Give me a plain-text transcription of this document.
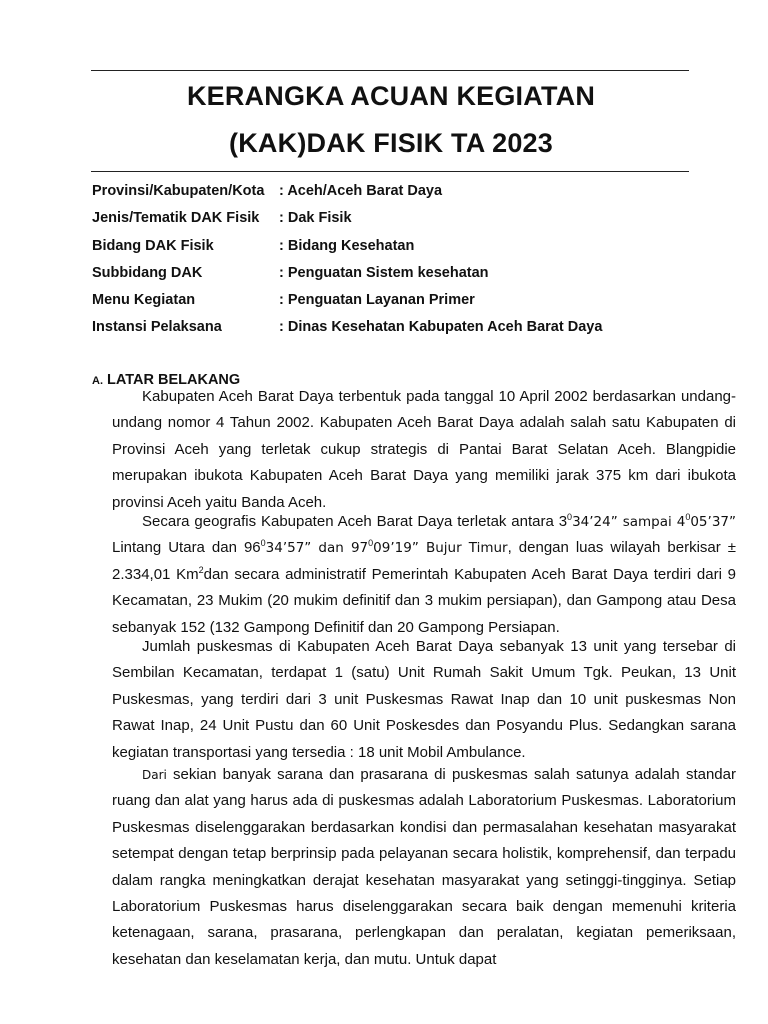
KERANGKA ACUAN KEGIATAN
(KAK)DAK FISIK TA 2023
Provinsi/Kabupaten/Kota	: Aceh/Aceh Barat Daya
Jenis/Tematik DAK Fisik	: Dak Fisik
Bidang DAK Fisik	: Bidang Kesehatan
Subbidang DAK	: Penguatan Sistem kesehatan
Menu Kegiatan	: Penguatan Layanan Primer
Instansi Pelaksana	: Dinas Kesehatan Kabupaten Aceh Barat Daya
A. LATAR BELAKANG
Kabupaten Aceh Barat Daya terbentuk pada tanggal 10 April 2002 berdasarkan undang-undang nomor 4 Tahun 2002. Kabupaten Aceh Barat Daya adalah salah satu Kabupaten di Provinsi Aceh yang terletak cukup strategis di Pantai Barat Selatan Aceh. Blangpidie merupakan ibukota Kabupaten Aceh Barat Daya yang memiliki jarak 375 km dari ibukota provinsi Aceh yaitu Banda Aceh.
Secara geografis Kabupaten Aceh Barat Daya terletak antara $3^034’24$” sampai $4^005’37$” Lintang Utara dan $96^034’57$” dan $97^009’19$” Bujur Timur, dengan luas wilayah berkisar ± 2.334,01 Km$^2$dan secara administratif Pemerintah Kabupaten Aceh Barat Daya terdiri dari 9 Kecamatan, 23 Mukim (20 mukim definitif dan 3 mukim persiapan), dan Gampong atau Desa sebanyak 152 (132 Gampong Definitif dan 20 Gampong Persiapan.
Jumlah puskesmas di Kabupaten Aceh Barat Daya sebanyak 13 unit yang tersebar di Sembilan Kecamatan, terdapat 1 (satu) Unit Rumah Sakit Umum Tgk. Peukan, 13 Unit Puskesmas, yang terdiri dari 3 unit Puskesmas Rawat Inap dan 10 unit puskesmas Non Rawat Inap, 24 Unit Pustu dan 60 Unit Poskesdes dan Posyandu Plus. Sedangkan sarana kegiatan transportasi yang tersedia : 18 unit Mobil Ambulance.
Dari sekian banyak sarana dan prasarana di puskesmas salah satunya adalah standar ruang dan alat yang harus ada di puskesmas adalah Laboratorium Puskesmas. Laboratorium Puskesmas diselenggarakan berdasarkan kondisi dan permasalahan kesehatan masyarakat setempat dengan tetap berprinsip pada pelayanan secara holistik, komprehensif, dan terpadu dalam rangka meningkatkan derajat kesehatan masyarakat yang setinggi-tingginya. Setiap Laboratorium Puskesmas harus diselenggarakan secara baik dengan memenuhi kriteria ketenagaan, sarana, prasarana, perlengkapan dan peralatan, kegiatan pemeriksaan, kesehatan dan keselamatan kerja, dan mutu. Untuk dapat
